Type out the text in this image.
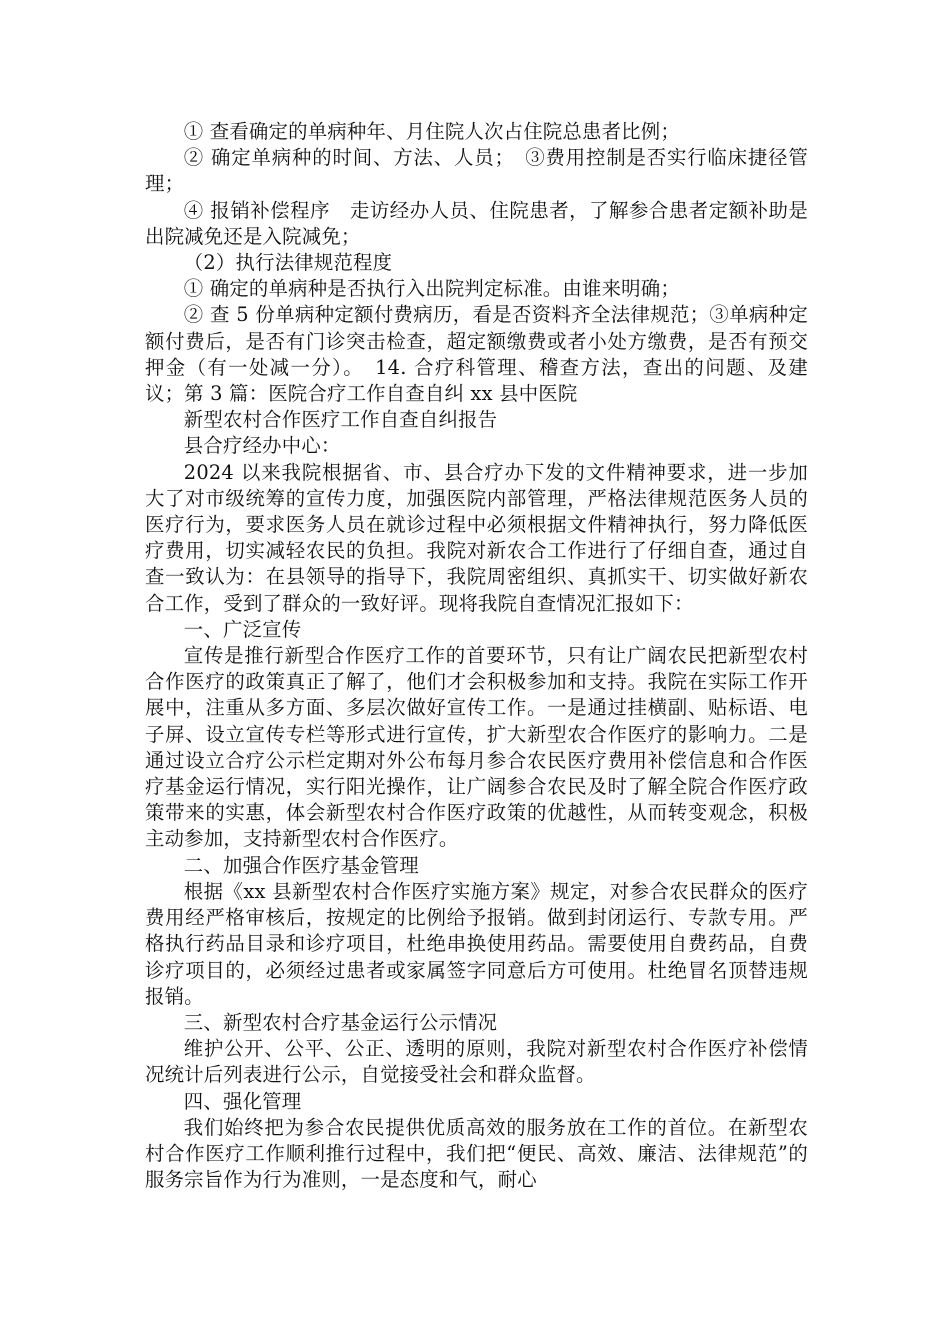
① 查看确定的单病种年、月住院人次占住院总患者比例；

② 确定单病种的时间、方法、人员；　③费用控制是否实行临床捷径管理；

④ 报销补偿程序　走访经办人员、住院患者，了解参合患者定额补助是出院减免还是入院减免；

（2）执行法律规范程度

① 确定的单病种是否执行入出院判定标准。由谁来明确；

② 查 5 份单病种定额付费病历，看是否资料齐全法律规范；③单病种定额付费后，是否有门诊突击检查，超定额缴费或者小处方缴费，是否有预交押金（有一处减一分）。　14. 合疗科管理、稽查方法，查出的问题、及建议；第 3 篇：医院合疗工作自查自纠 xx 县中医院

新型农村合作医疗工作自查自纠报告

县合疗经办中心：

2024 以来我院根据省、市、县合疗办下发的文件精神要求，进一步加大了对市级统筹的宣传力度，加强医院内部管理，严格法律规范医务人员的医疗行为，要求医务人员在就诊过程中必须根据文件精神执行，努力降低医疗费用，切实减轻农民的负担。我院对新农合工作进行了仔细自查，通过自查一致认为：在县领导的指导下，我院周密组织、真抓实干、切实做好新农合工作，受到了群众的一致好评。现将我院自查情况汇报如下：

一、广泛宣传

宣传是推行新型合作医疗工作的首要环节，只有让广阔农民把新型农村合作医疗的政策真正了解了，他们才会积极参加和支持。我院在实际工作开展中，注重从多方面、多层次做好宣传工作。一是通过挂横副、贴标语、电子屏、设立宣传专栏等形式进行宣传，扩大新型农合作医疗的影响力。二是通过设立合疗公示栏定期对外公布每月参合农民医疗费用补偿信息和合作医疗基金运行情况，实行阳光操作，让广阔参合农民及时了解全院合作医疗政策带来的实惠，体会新型农村合作医疗政策的优越性，从而转变观念，积极主动参加，支持新型农村合作医疗。

二、加强合作医疗基金管理

根据《xx 县新型农村合作医疗实施方案》规定，对参合农民群众的医疗费用经严格审核后，按规定的比例给予报销。做到封闭运行、专款专用。严格执行药品目录和诊疗项目，杜绝串换使用药品。需要使用自费药品，自费诊疗项目的，必须经过患者或家属签字同意后方可使用。杜绝冒名顶替违规报销。

三、新型农村合疗基金运行公示情况

维护公开、公平、公正、透明的原则，我院对新型农村合作医疗补偿情况统计后列表进行公示，自觉接受社会和群众监督。

四、强化管理

我们始终把为参合农民提供优质高效的服务放在工作的首位。在新型农村合作医疗工作顺利推行过程中，我们把“便民、高效、廉洁、法律规范”的服务宗旨作为行为准则，一是态度和气，耐心
